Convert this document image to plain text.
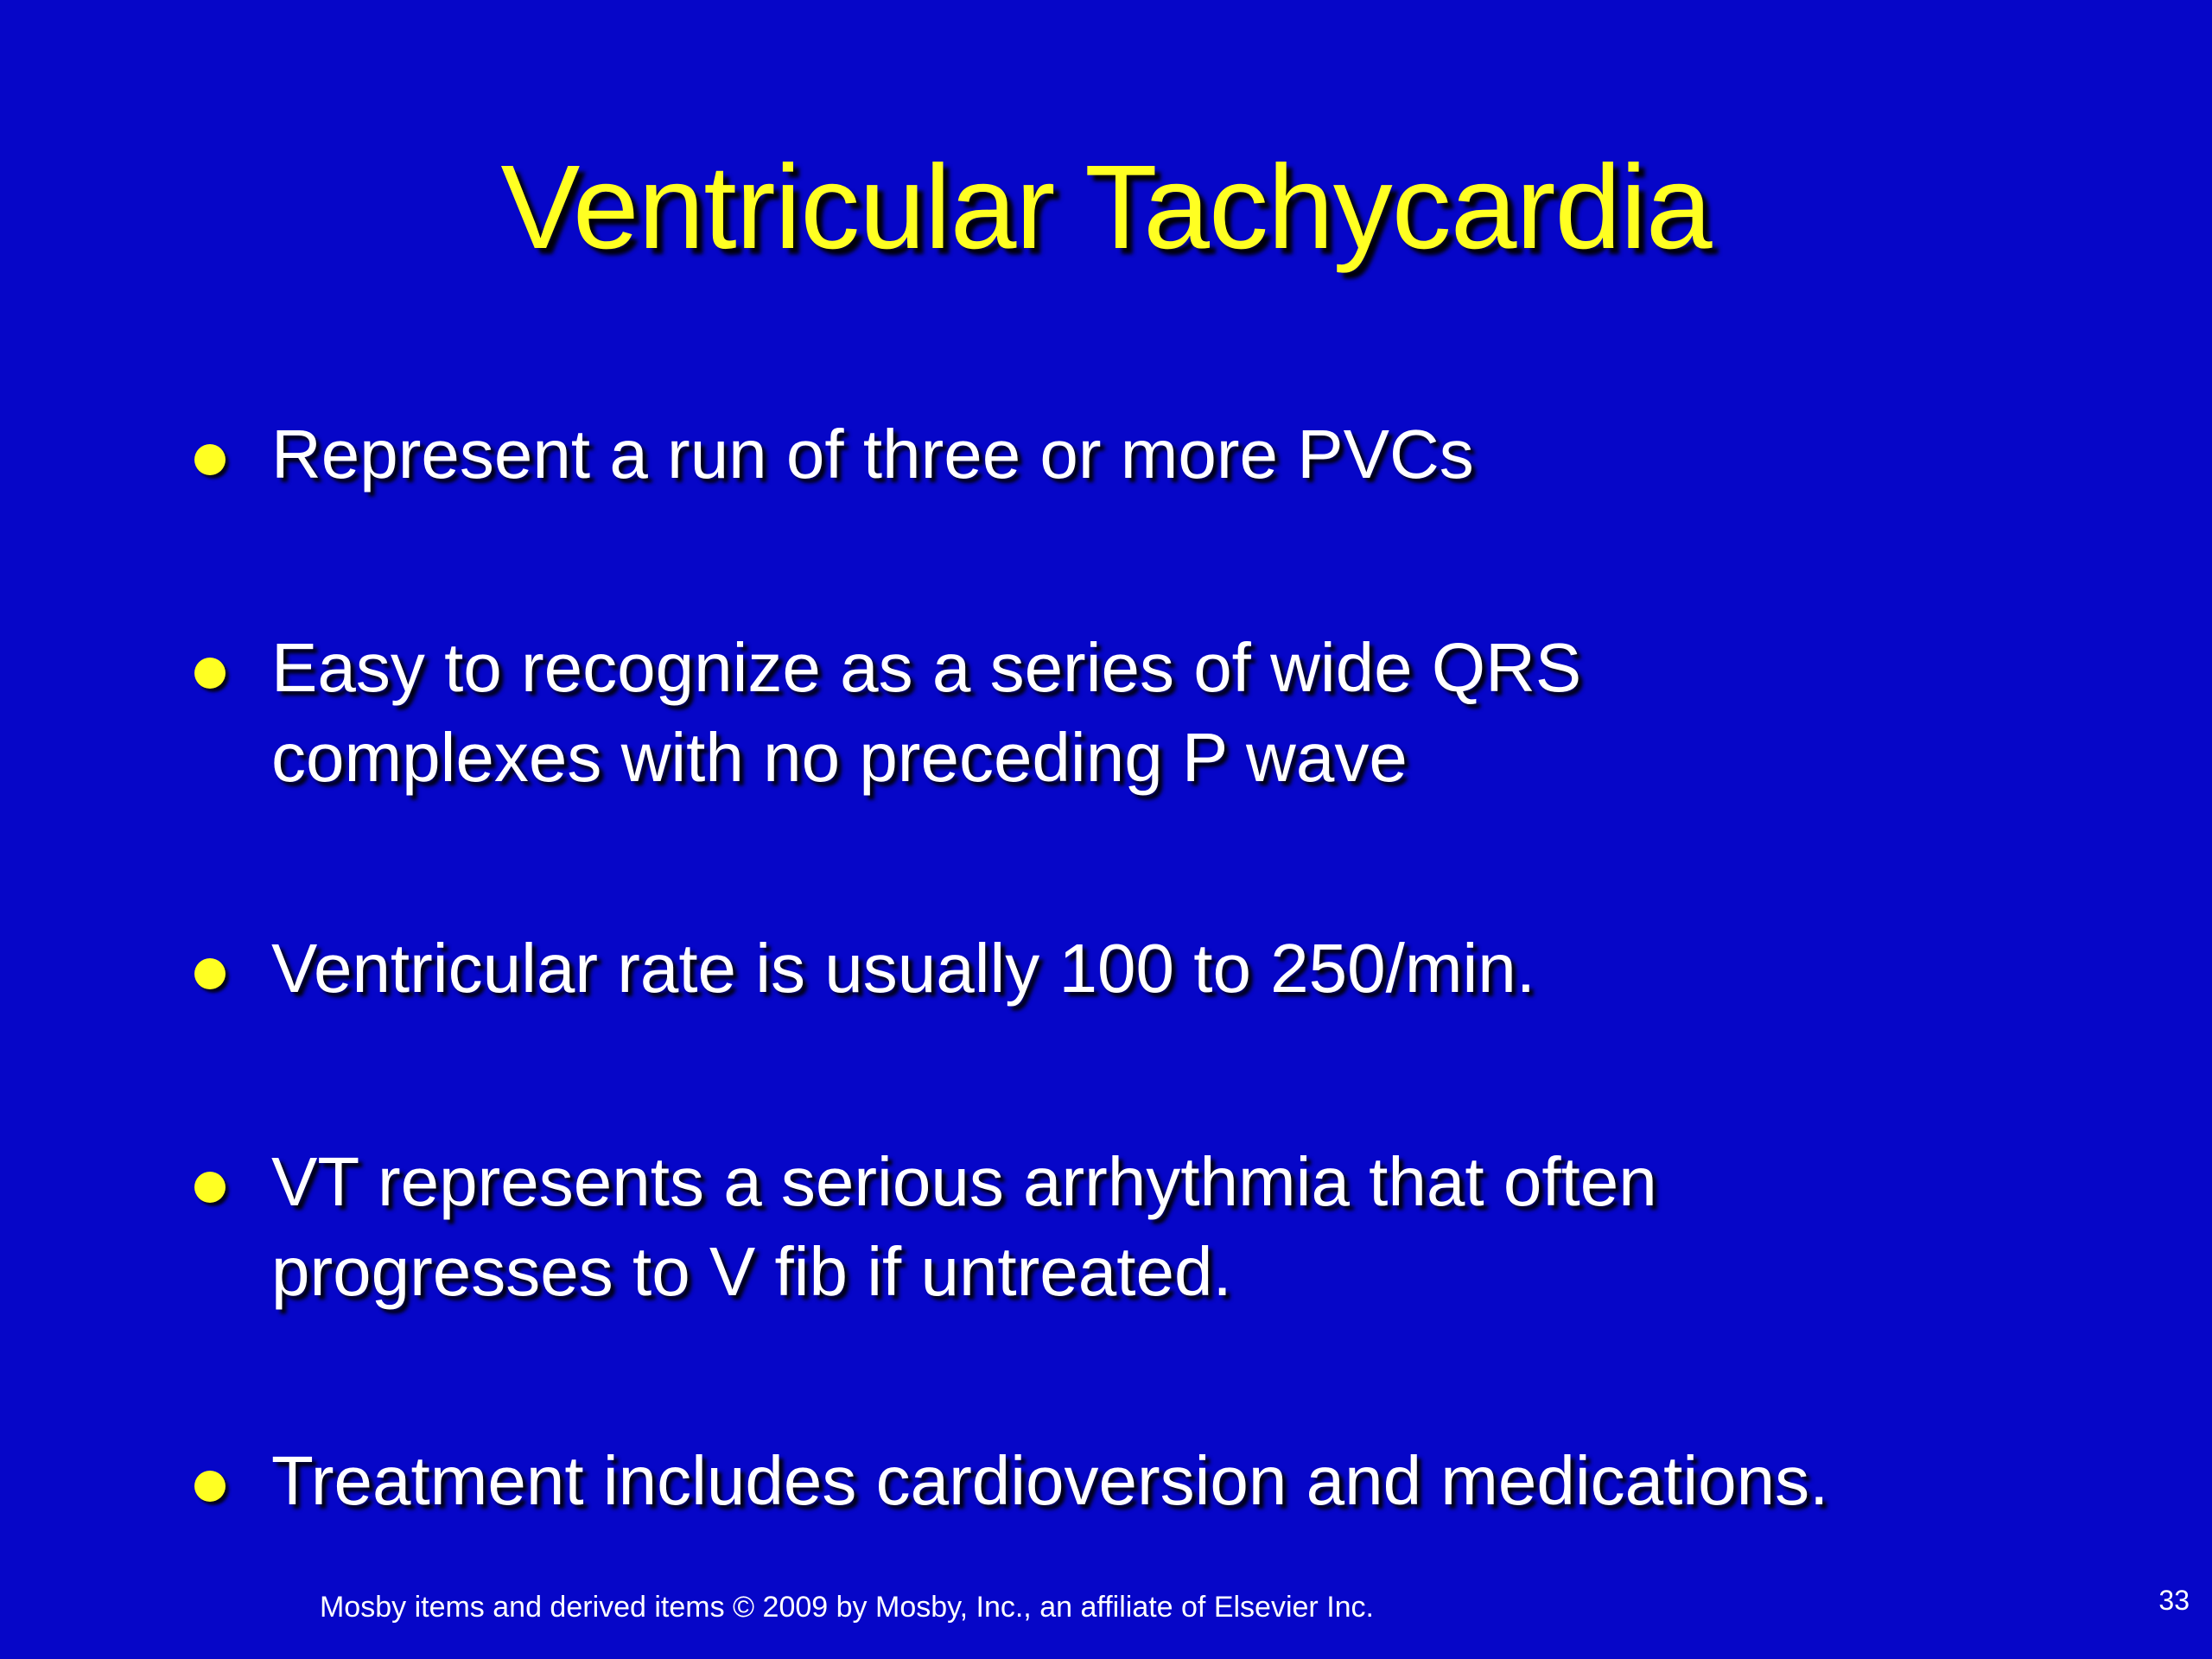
Ventricular Tachycardia
Represent a run of three or more PVCs
Easy to recognize as a series of wide QRS
complexes with no preceding P wave
Ventricular rate is usually 100 to 250/min.
VT represents a serious arrhythmia that often
progresses to V fib if untreated.
Treatment includes cardioversion and medications.
Mosby items and derived items © 2009 by Mosby, Inc., an affiliate of Elsevier Inc.	33
